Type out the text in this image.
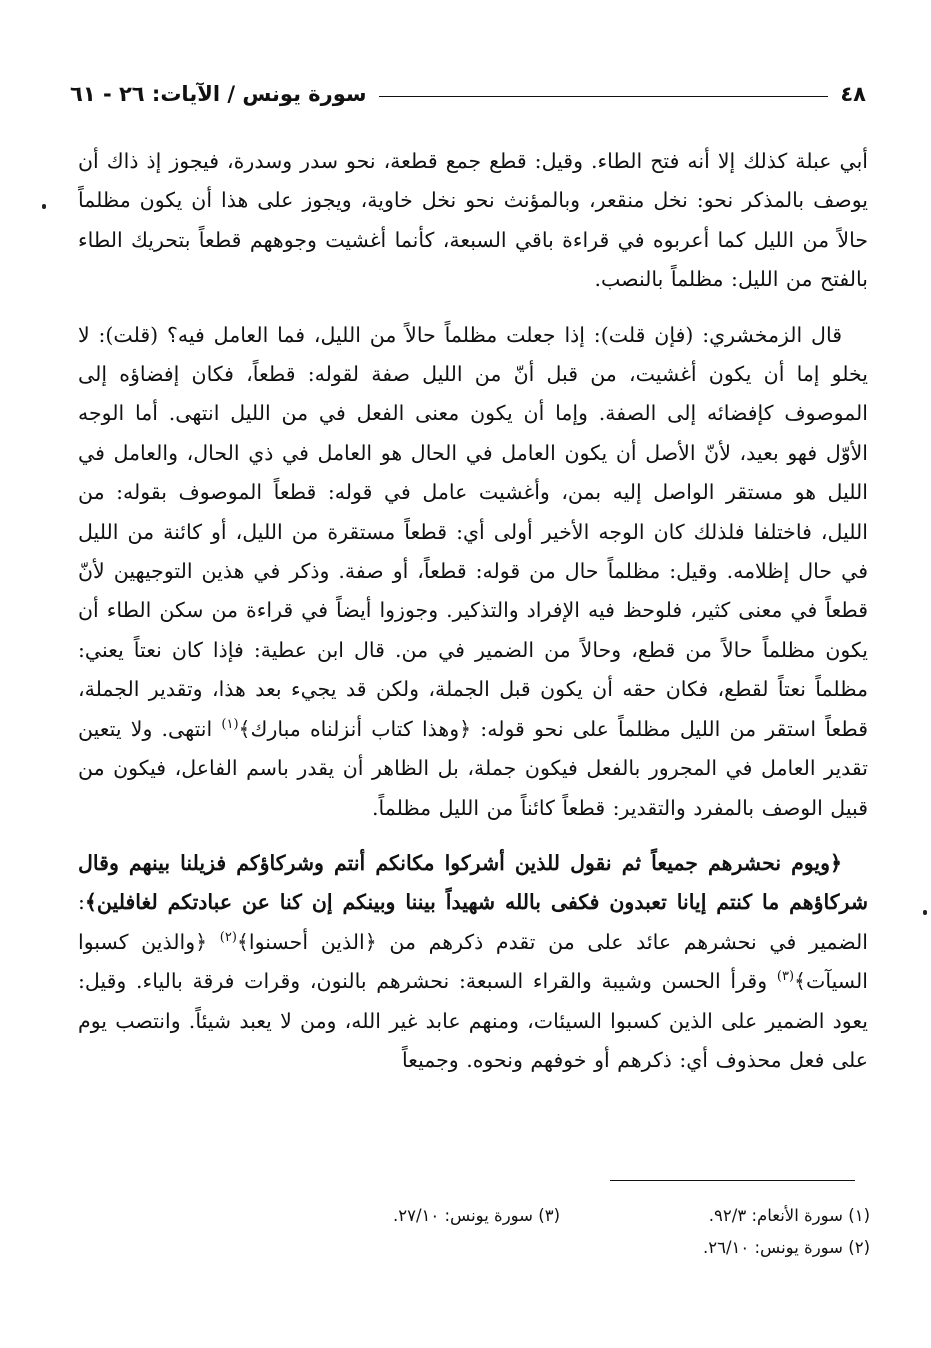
٤٨
سورة يونس / الآيات: ٢٦ - ٦١

أبي عبلة كذلك إلا أنه فتح الطاء. وقيل: قطع جمع قطعة، نحو سدر وسدرة، فيجوز إذ ذاك أن يوصف بالمذكر نحو: نخل منقعر، وبالمؤنث نحو نخل خاوية، ويجوز على هذا أن يكون مظلماً حالاً من الليل كما أعربوه في قراءة باقي السبعة، كأنما أغشيت وجوههم قطعاً بتحريك الطاء بالفتح من الليل: مظلماً بالنصب.

قال الزمخشري: (فإن قلت): إذا جعلت مظلماً حالاً من الليل، فما العامل فيه؟ (قلت): لا يخلو إما أن يكون أغشيت، من قبل أنّ من الليل صفة لقوله: قطعاً، فكان إفضاؤه إلى الموصوف كإفضائه إلى الصفة. وإما أن يكون معنى الفعل في من الليل انتهى. أما الوجه الأوّل فهو بعيد، لأنّ الأصل أن يكون العامل في الحال هو العامل في ذي الحال، والعامل في الليل هو مستقر الواصل إليه بمن، وأغشيت عامل في قوله: قطعاً الموصوف بقوله: من الليل، فاختلفا فلذلك كان الوجه الأخير أولى أي: قطعاً مستقرة من الليل، أو كائنة من الليل في حال إظلامه. وقيل: مظلماً حال من قوله: قطعاً، أو صفة. وذكر في هذين التوجيهين لأنّ قطعاً في معنى كثير، فلوحظ فيه الإفراد والتذكير. وجوزوا أيضاً في قراءة من سكن الطاء أن يكون مظلماً حالاً من قطع، وحالاً من الضمير في من. قال ابن عطية: فإذا كان نعتاً يعني: مظلماً نعتاً لقطع، فكان حقه أن يكون قبل الجملة، ولكن قد يجيء بعد هذا، وتقدير الجملة، قطعاً استقر من الليل مظلماً على نحو قوله: ﴿وهذا كتاب أنزلناه مبارك﴾$^{(١)}$ انتهى. ولا يتعين تقدير العامل في المجرور بالفعل فيكون جملة، بل الظاهر أن يقدر باسم الفاعل، فيكون من قبيل الوصف بالمفرد والتقدير: قطعاً كائناً من الليل مظلماً.

﴿ويوم نحشرهم جميعاً ثم نقول للذين أشركوا مكانكم أنتم وشركاؤكم فزيلنا بينهم وقال شركاؤهم ما كنتم إيانا تعبدون فكفى بالله شهيداً بيننا وبينكم إن كنا عن عبادتكم لغافلين﴾: الضمير في نحشرهم عائد على من تقدم ذكرهم من ﴿الذين أحسنوا﴾$^{(٢)}$ ﴿والذين كسبوا السيآت﴾$^{(٣)}$ وقرأ الحسن وشيبة والقراء السبعة: نحشرهم بالنون، وقرات فرقة بالياء. وقيل: يعود الضمير على الذين كسبوا السيئات، ومنهم عابد غير الله، ومن لا يعبد شيئاً. وانتصب يوم على فعل محذوف أي: ذكرهم أو خوفهم ونحوه. وجميعاً

(١) سورة الأنعام: ٩٢/٣.
(٣) سورة يونس: ٢٧/١٠.
(٢) سورة يونس: ٢٦/١٠.
